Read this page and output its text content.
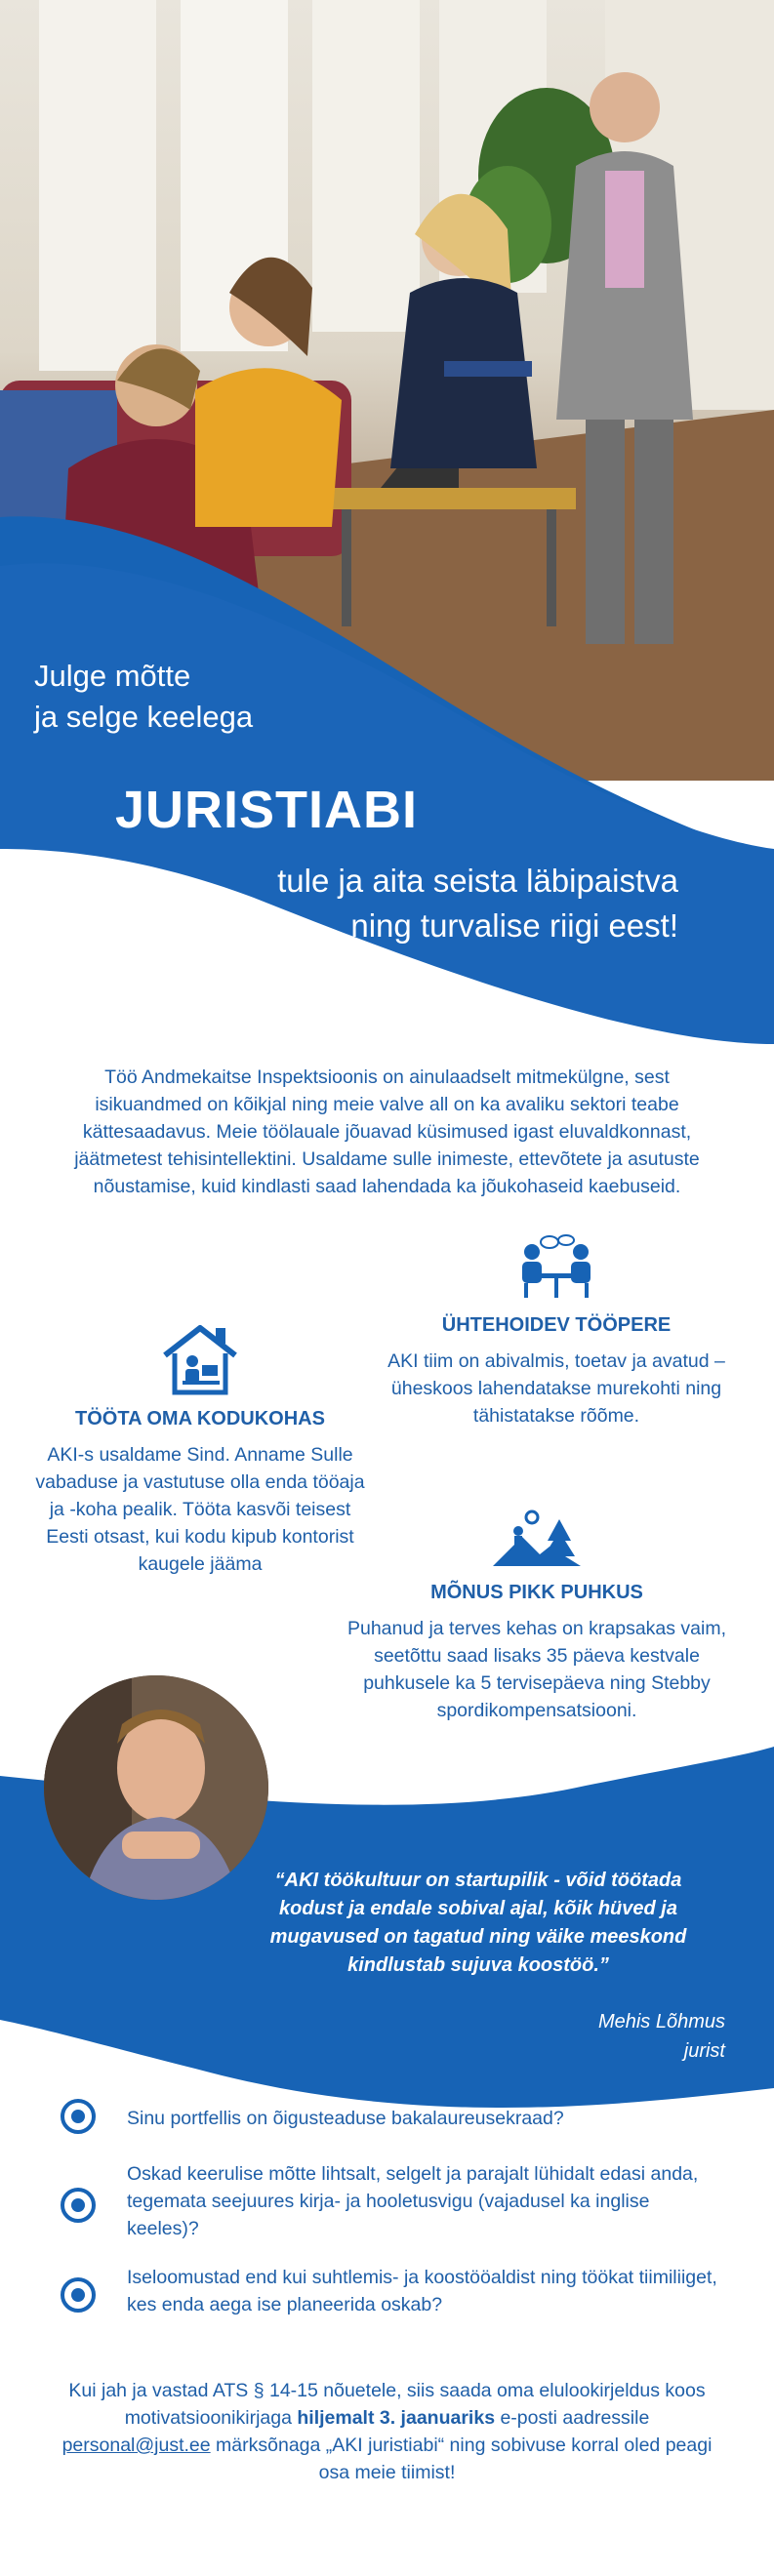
Julge mõtte
ja selge keelega
JURISTIABI
tule ja aita seista läbipaistva
ning turvalise riigi eest!
Töö Andmekaitse Inspektsioonis on ainulaadselt mitmekülgne, sest isikuandmed on kõikjal ning meie valve all on ka avaliku sektori teabe kättesaadavus. Meie töölauale jõuavad küsimused igast eluvaldkonnast, jäätmetest tehisintellektini. Usaldame sulle inimeste, ettevõtete ja asutuste nõustamise, kuid kindlasti saad lahendada ka jõukohaseid kaebuseid.
ÜHTEHOIDEV TÖÖPERE
AKI tiim on abivalmis, toetav ja avatud – üheskoos lahendatakse murekohti ning tähistatakse rõõme.
TÖÖTA OMA KODUKOHAS
AKI-s usaldame Sind. Anname Sulle vabaduse ja vastutuse olla enda tööaja ja -koha pealik. Tööta kasvõi teisest Eesti otsast, kui kodu kipub kontorist kaugele jääma
MÕNUS PIKK PUHKUS
Puhanud ja terves kehas on krapsakas vaim, seetõttu saad lisaks 35 päeva kestvale puhkusele ka 5 tervisepäeva ning Stebby spordikompensatsiooni.
“AKI töökultuur on startupilik - võid töötada kodust ja endale sobival ajal, kõik hüved ja mugavused on tagatud ning väike meeskond kindlustab sujuva koostöö.”
Mehis Lõhmus
jurist
Sinu portfellis on õigusteaduse bakalaureusekraad?
Oskad keerulise mõtte lihtsalt, selgelt ja parajalt lühidalt edasi anda, tegemata seejuures kirja- ja hooletusvigu (vajadusel ka inglise keeles)?
Iseloomustad end kui suhtlemis- ja koostööaldist ning töökat tiimiliiget, kes enda aega ise planeerida oskab?
Kui jah ja vastad ATS § 14-15 nõuetele, siis saada oma elulookirjeldus koos motivatsioonikirjaga hiljemalt 3. jaanuariks e-posti aadressile personal@just.ee märksõnaga „AKI juristiabi“ ning sobivuse korral oled peagi osa meie tiimist!
